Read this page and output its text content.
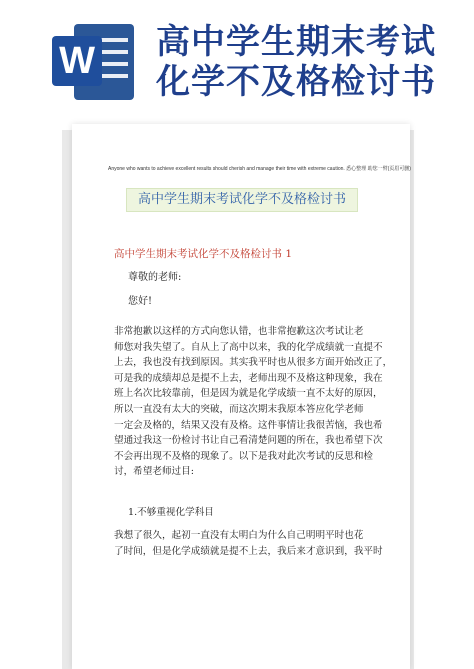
W 高中学生期末考试
化学不及格检讨书
Anyone who wants to achieve excellent results should cherish and manage their time with extreme caution. 悉心整理 助您一臂(页眉可删)
高中学生期末考试化学不及格检讨书
高中学生期末考试化学不及格检讨书 1
尊敬的老师:
您好!

非常抱歉以这样的方式向您认错，也非常抱歉这次考试让老

师您对我失望了。自从上了高中以来，我的化学成绩就一直提不

上去，我也没有找到原因。其实我平时也从很多方面开始改正了，

可是我的成绩却总是提不上去，老师出现不及格这种现象，我在

班上名次比较靠前，但是因为就是化学成绩一直不太好的原因，

所以一直没有太大的突破，而这次期末我原本答应化学老师

一定会及格的，结果又没有及格。这件事情让我很苦恼，我也希

望通过我这一份检讨书让自己看清楚问题的所在，我也希望下次

不会再出现不及格的现象了。以下是我对此次考试的反思和检

讨，希望老师过目:

1.不够重视化学科目

我想了很久，起初一直没有太明白为什么自己明明平时也花

了时间，但是化学成绩就是提不上去，我后来才意识到，我平时
